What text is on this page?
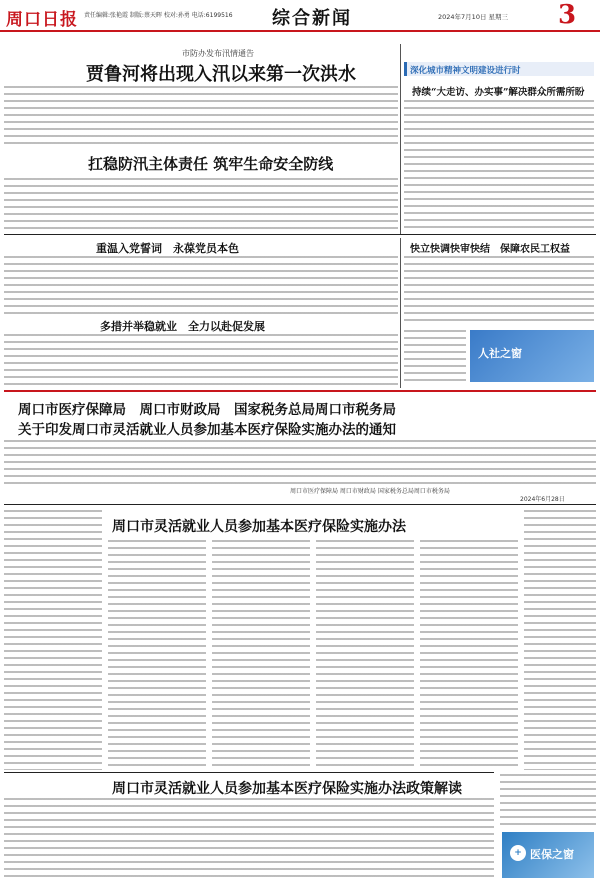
周口日报 责任编辑:张艳霞 制版:蔡天晖 校对:孙勇 电话:6199516 综合新闻	2024年7月10日 星期三 3
市防办发布汛情通告
贾鲁河将出现入汛以来第一次洪水
扛稳防汛主体责任 筑牢生命安全防线
深化城市精神文明建设进行时
持续“大走访、办实事”解决群众所需所盼
重温入党誓词　永葆党员本色
多措并举稳就业　全力以赴促发展
快立快调快审快结　保障农民工权益
人社之窗
周口市医疗保障局　周口市财政局　国家税务总局周口市税务局
关于印发周口市灵活就业人员参加基本医疗保险实施办法的通知
周口市医疗保障局 周口市财政局 国家税务总局周口市税务局
2024年6月28日
周口市灵活就业人员参加基本医疗保险实施办法
周口市灵活就业人员参加基本医疗保险实施办法政策解读
+ 医保之窗
